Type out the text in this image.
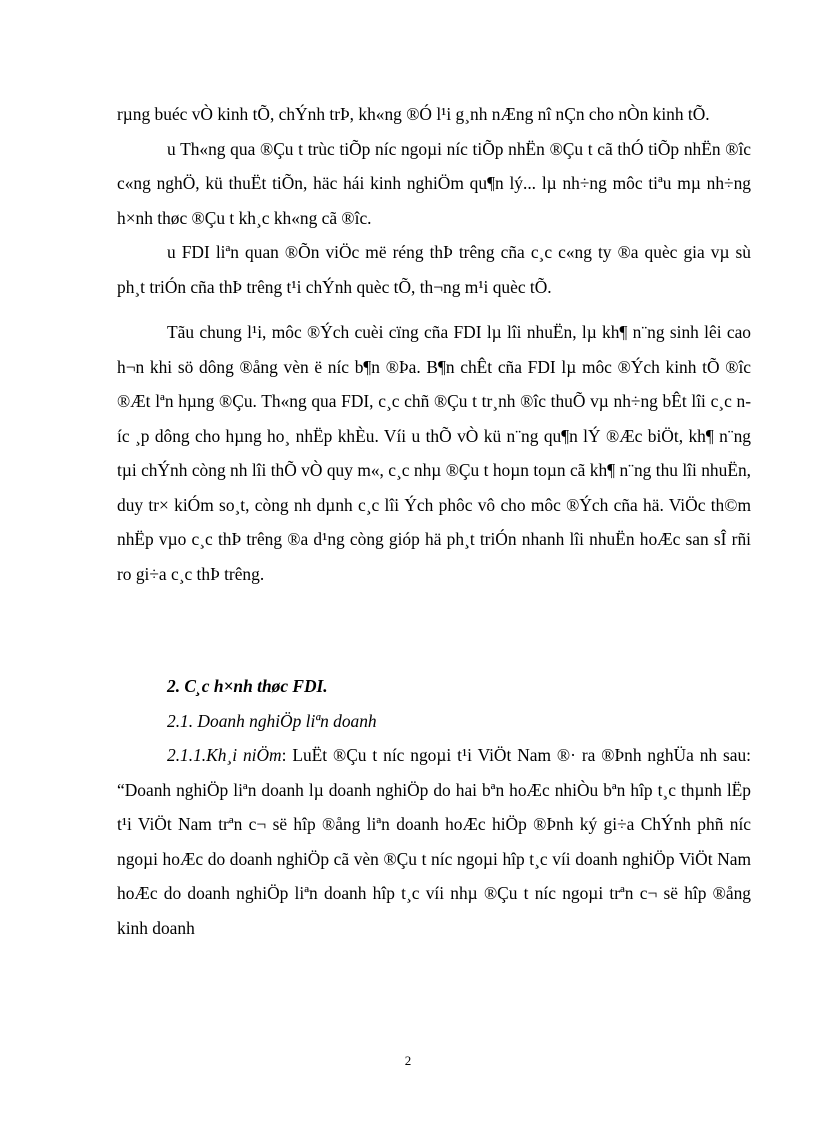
rµng buéc vÒ kinh tÕ, chÝnh trÞ, kh«ng ®Ó l¹i g¸nh nÆng nî nÇn cho nÒn kinh tÕ.

u Th«ng qua ®Çu t trùc tiÕp níc ngoµi níc tiÕp nhËn ®Çu t cã thÓ tiÕp nhËn ®îc c«ng nghÖ, kü thuËt tiÕn, häc hái kinh nghiÖm qu¶n lý... lµ nh÷ng môc tiªu mµ nh÷ng h×nh thøc ®Çu t kh¸c kh«ng cã ®îc.

u FDI liªn quan ®Õn viÖc më réng thÞ trêng cña c¸c c«ng ty ®a quèc gia vµ sù ph¸t triÓn cña thÞ trêng t¹i chÝnh quèc tÕ, th¬ng m¹i quèc tÕ.

Tãu chung l¹i, môc ®Ých cuèi cïng cña FDI lµ lîi nhuËn, lµ kh¶ n¨ng sinh lêi cao h¬n khi sö dông ®ång vèn ë níc b¶n ®Þa. B¶n chÊt cña FDI lµ môc ®Ých kinh tÕ ®îc ®Æt lªn hµng ®Çu. Th«ng qua FDI, c¸c chñ ®Çu t tr¸nh ®îc thuÕ vµ nh÷ng bÊt lîi c¸c níc ¸p dông cho hµng ho¸ nhËp khÈu. Víi u thÕ vÒ kü n¨ng qu¶n lÝ ®Æc biÖt, kh¶ n¨ng tµi chÝnh còng nh lîi thÕ vÒ quy m«, c¸c nhµ ®Çu t hoµn toµn cã kh¶ n¨ng thu lîi nhuËn, duy tr× kiÓm so¸t, còng nh dµnh c¸c lîi Ých phôc vô cho môc ®Ých cña hä. ViÖc th©m nhËp vµo c¸c thÞ trêng ®a d¹ng còng gióp hä ph¸t triÓn nhanh lîi nhuËn hoÆc san sÎ rñi ro gi÷a c¸c thÞ trêng.

2. C¸c h×nh thøc FDI.

2.1. Doanh nghiÖp liªn doanh

2.1.1.Kh¸i niÖm: LuËt ®Çu t níc ngoµi t¹i ViÖt Nam ®· ra ®Þnh nghÜa nh sau: “Doanh nghiÖp liªn doanh lµ doanh nghiÖp do hai bªn hoÆc nhiÒu bªn hîp t¸c thµnh lËp t¹i ViÖt Nam trªn c¬ së hîp ®ång liªn doanh hoÆc hiÖp ®Þnh ký gi÷a ChÝnh phñ níc ngoµi hoÆc do doanh nghiÖp cã vèn ®Çu t níc ngoµi hîp t¸c víi doanh nghiÖp ViÖt Nam hoÆc do doanh nghiÖp liªn doanh hîp t¸c víi nhµ ®Çu t níc ngoµi trªn c¬ së hîp ®ång kinh doanh

2
